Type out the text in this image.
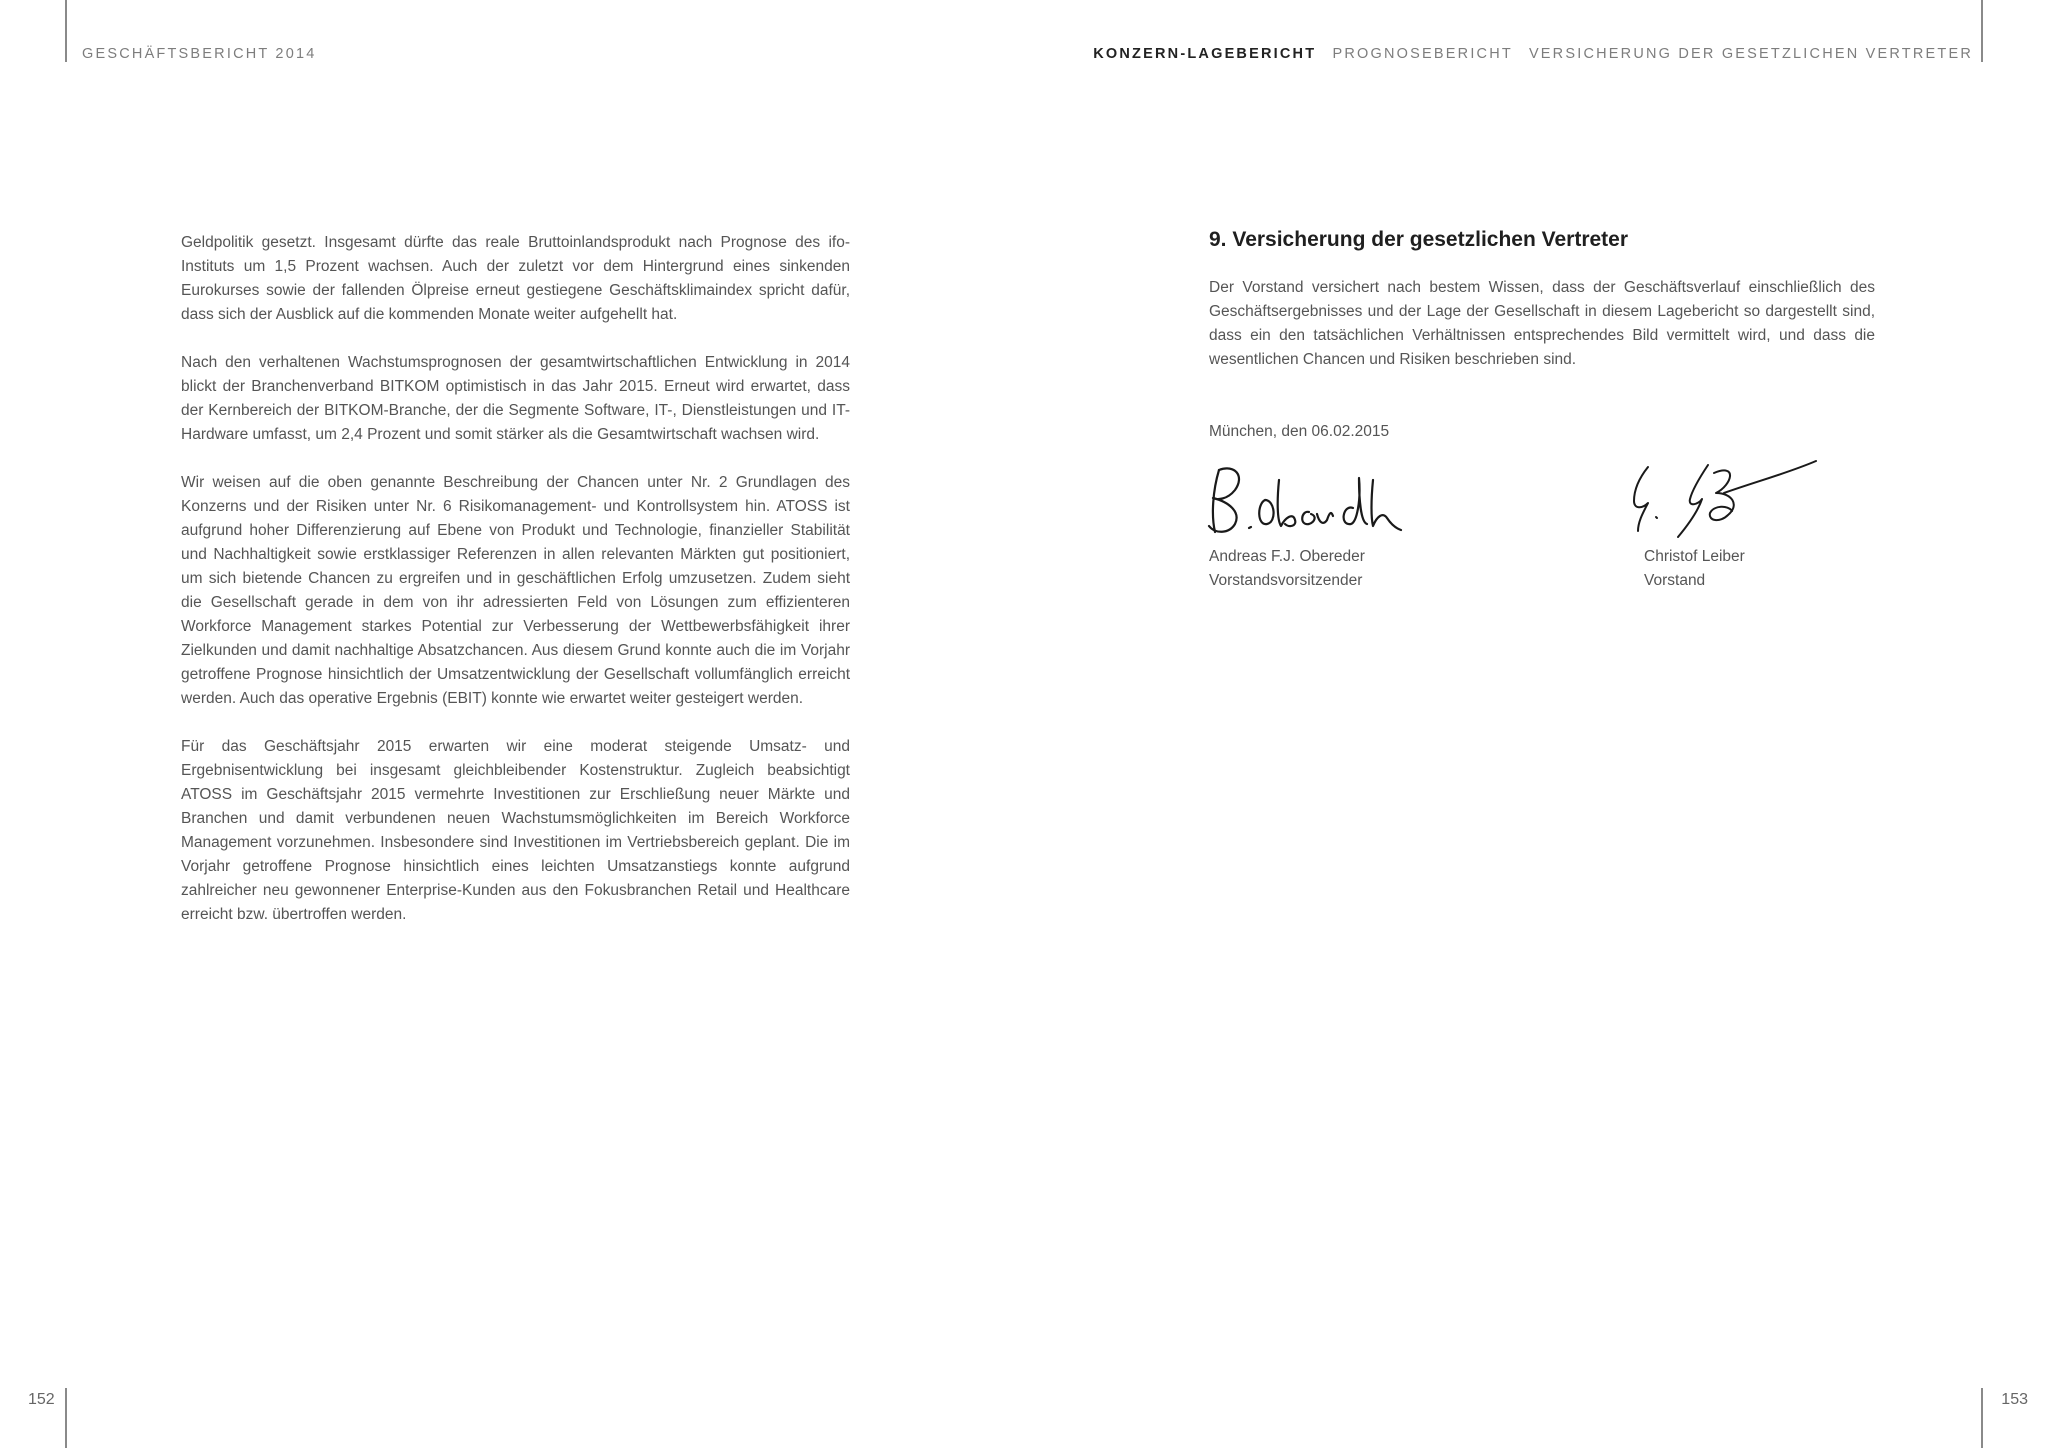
GESCHÄFTSBERICHT 2014	KONZERN-LAGEBERICHT PROGNOSEBERICHT VERSICHERUNG DER GESETZLICHEN VERTRETER

Geldpolitik gesetzt. Insgesamt dürfte das reale Bruttoinlandsprodukt nach Prognose des ifo-Instituts um 1,5 Prozent wachsen. Auch der zuletzt vor dem Hintergrund eines sinkenden Eurokurses sowie der fallenden Ölpreise erneut gestiegene Geschäftsklimaindex spricht dafür, dass sich der Ausblick auf die kommenden Monate weiter aufgehellt hat.

Nach den verhaltenen Wachstumsprognosen der gesamtwirtschaftlichen Entwicklung in 2014 blickt der Branchenverband BITKOM optimistisch in das Jahr 2015. Erneut wird erwartet, dass der Kernbereich der BITKOM-Branche, der die Segmente Software, IT-, Dienstleistungen und IT-Hardware umfasst, um 2,4 Prozent und somit stärker als die Gesamtwirtschaft wachsen wird.

Wir weisen auf die oben genannte Beschreibung der Chancen unter Nr. 2 Grundlagen des Konzerns und der Risiken unter Nr. 6 Risikomanagement- und Kontrollsystem hin. ATOSS ist aufgrund hoher Differenzierung auf Ebene von Produkt und Technologie, finanzieller Stabilität und Nachhaltigkeit sowie erstklassiger Referenzen in allen relevanten Märkten gut positioniert, um sich bietende Chancen zu ergreifen und in geschäftlichen Erfolg umzusetzen. Zudem sieht die Gesellschaft gerade in dem von ihr adressierten Feld von Lösungen zum effizienteren Workforce Management starkes Potential zur Verbesserung der Wettbewerbsfähigkeit ihrer Zielkunden und damit nachhaltige Absatzchancen. Aus diesem Grund konnte auch die im Vorjahr getroffene Prognose hinsichtlich der Umsatzentwicklung der Gesellschaft vollumfänglich erreicht werden. Auch das operative Ergebnis (EBIT) konnte wie erwartet weiter gesteigert werden.

Für das Geschäftsjahr 2015 erwarten wir eine moderat steigende Umsatz- und Ergebnisentwicklung bei insgesamt gleichbleibender Kostenstruktur. Zugleich beabsichtigt ATOSS im Geschäftsjahr 2015 vermehrte Investitionen zur Erschließung neuer Märkte und Branchen und damit verbundenen neuen Wachstumsmöglichkeiten im Bereich Workforce Management vorzunehmen. Insbesondere sind Investitionen im Vertriebsbereich geplant. Die im Vorjahr getroffene Prognose hinsichtlich eines leichten Umsatzanstiegs konnte aufgrund zahlreicher neu gewonnener Enterprise-Kunden aus den Fokusbranchen Retail und Healthcare erreicht bzw. übertroffen werden.

9. Versicherung der gesetzlichen Vertreter
Der Vorstand versichert nach bestem Wissen, dass der Geschäftsverlauf einschließlich des Geschäftsergebnisses und der Lage der Gesellschaft in diesem Lagebericht so dargestellt sind, dass ein den tatsächlichen Verhältnissen entsprechendes Bild vermittelt wird, und dass die wesentlichen Chancen und Risiken beschrieben sind.
München, den 06.02.2015
Andreas F.J. Obereder
Vorstandsvorsitzender
Christof Leiber
Vorstand
152	153
